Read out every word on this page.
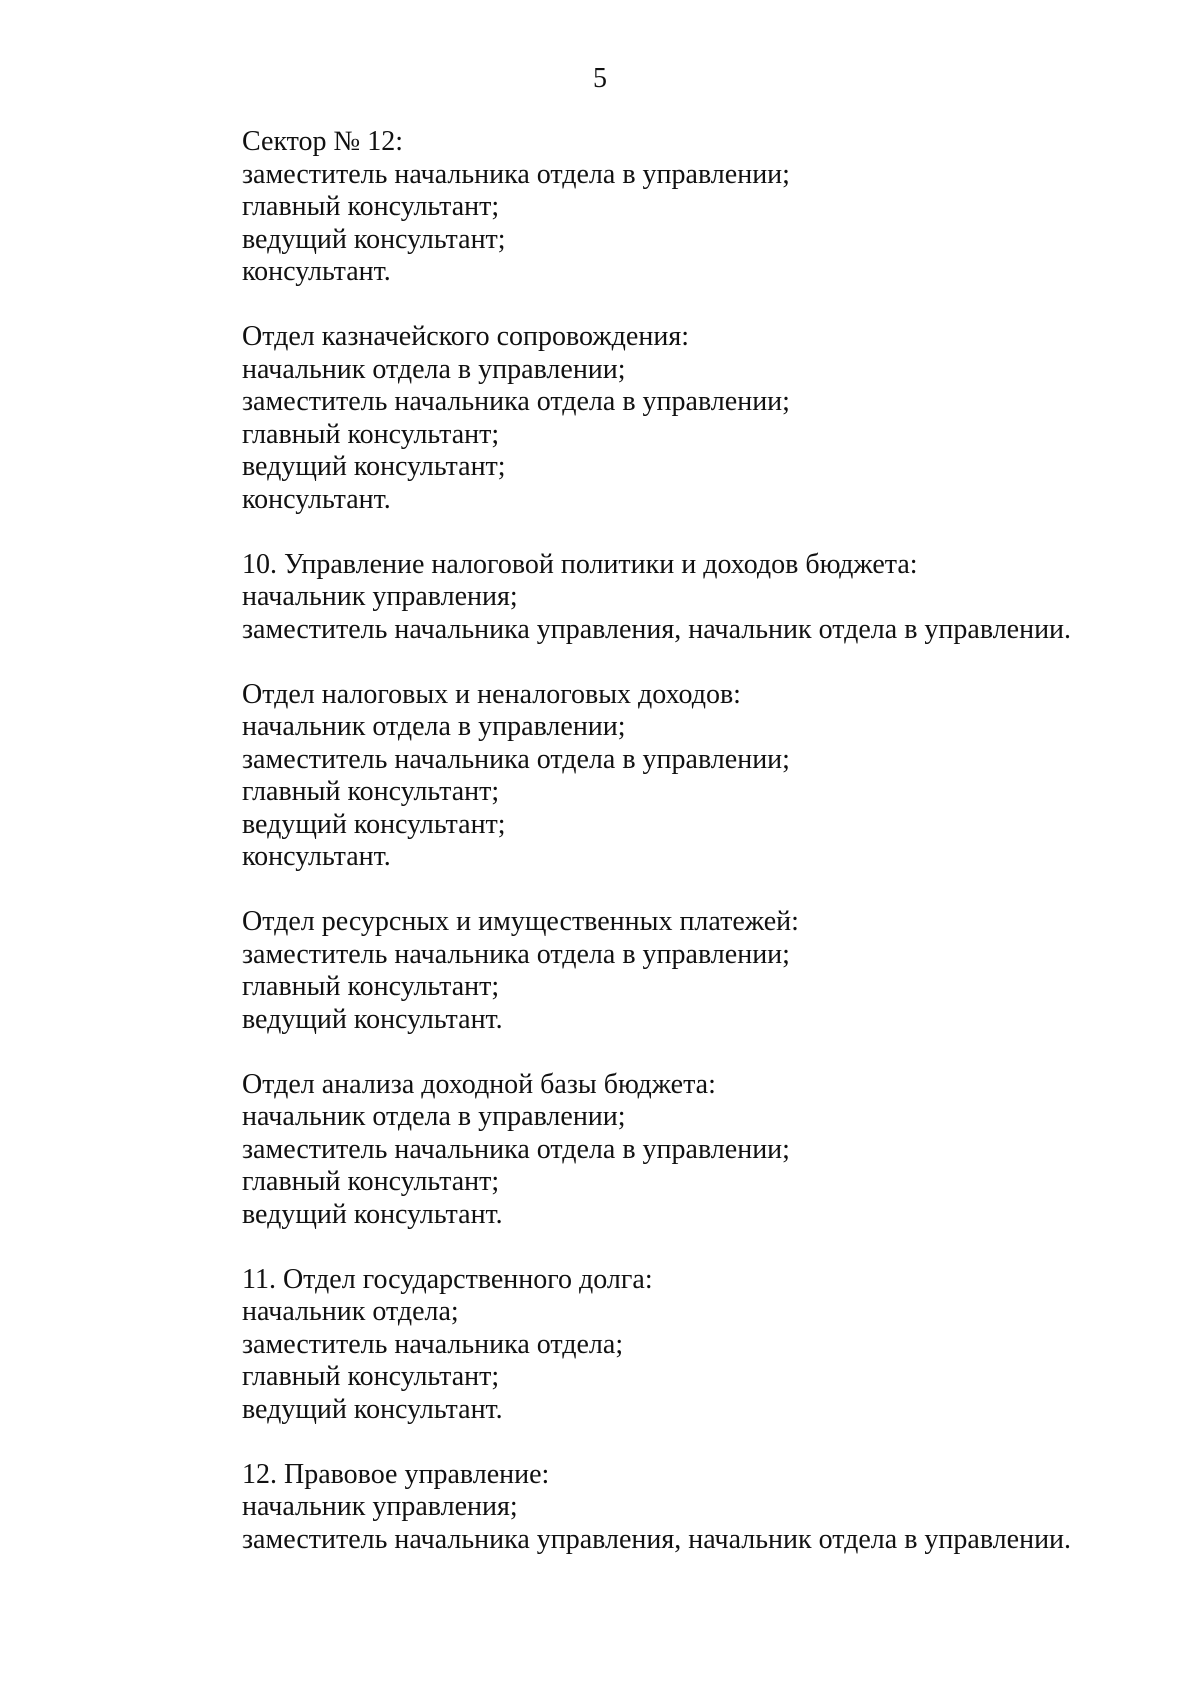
5
Сектор № 12:
заместитель начальника отдела в управлении;
главный консультант;
ведущий консультант;
консультант.
Отдел казначейского сопровождения:
начальник отдела в управлении;
заместитель начальника отдела в управлении;
главный консультант;
ведущий консультант;
консультант.
10. Управление налоговой политики и доходов бюджета:
начальник управления;
заместитель начальника управления, начальник отдела в управлении.
Отдел налоговых и неналоговых доходов:
начальник отдела в управлении;
заместитель начальника отдела в управлении;
главный консультант;
ведущий консультант;
консультант.
Отдел ресурсных и имущественных платежей:
заместитель начальника отдела в управлении;
главный консультант;
ведущий консультант.
Отдел анализа доходной базы бюджета:
начальник отдела в управлении;
заместитель начальника отдела в управлении;
главный консультант;
ведущий консультант.
11. Отдел государственного долга:
начальник отдела;
заместитель начальника отдела;
главный консультант;
ведущий консультант.
12. Правовое управление:
начальник управления;
заместитель начальника управления, начальник отдела в управлении.
